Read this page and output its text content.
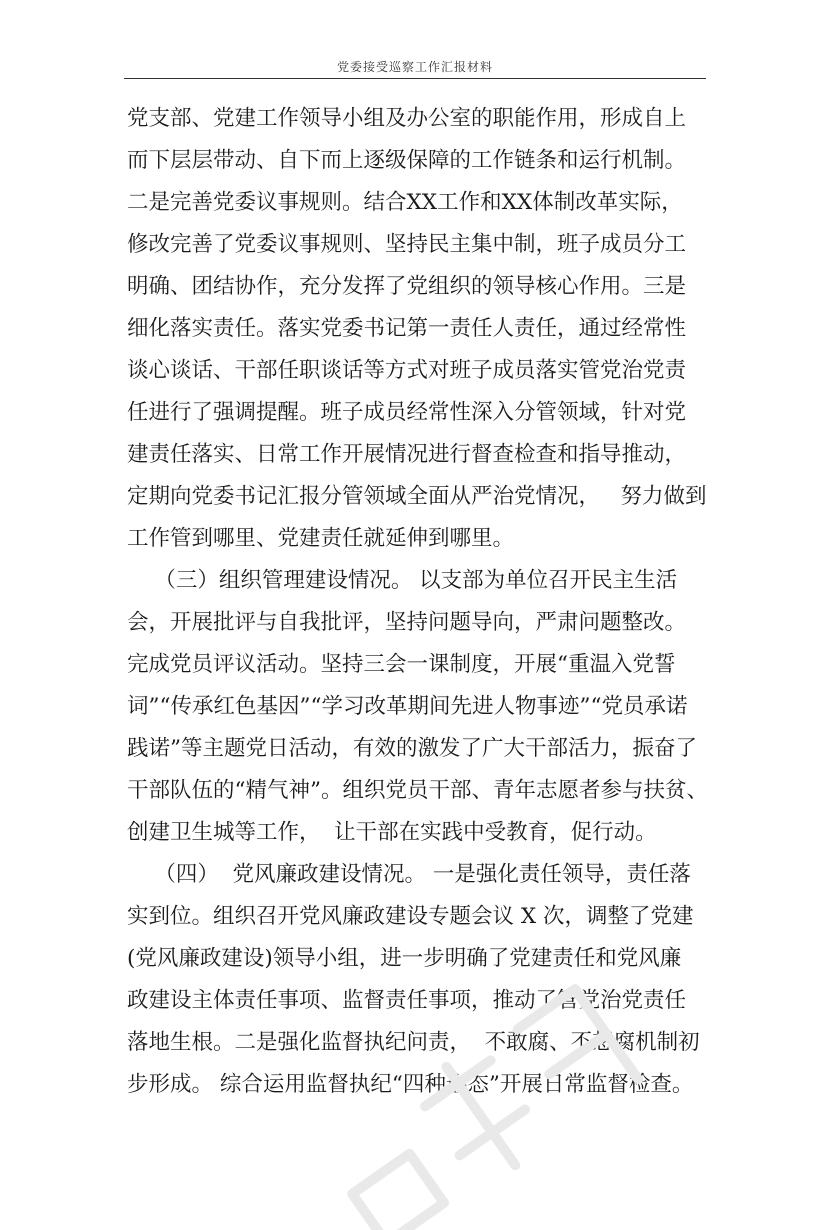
党委接受巡察工作汇报材料
党支部、党建工作领导小组及办公室的职能作用，形成自上
而下层层带动、自下而上逐级保障的工作链条和运行机制。
二是完善党委议事规则。结合XX工作和XX体制改革实际，
修改完善了党委议事规则、坚持民主集中制，班子成员分工
明确、团结协作，充分发挥了党组织的领导核心作用。三是
细化落实责任。落实党委书记第一责任人责任，通过经常性
谈心谈话、干部任职谈话等方式对班子成员落实管党治党责
任进行了强调提醒。班子成员经常性深入分管领域，针对党
建责任落实、日常工作开展情况进行督查检查和指导推动，
定期向党委书记汇报分管领域全面从严治党情况，   努力做到
工作管到哪里、党建责任就延伸到哪里。
（三）组织管理建设情况。 以支部为单位召开民主生活
会，开展批评与自我批评，坚持问题导向，严肃问题整改。
完成党员评议活动。坚持三会一课制度，开展“重温入党誓
词”“传承红色基因”“学习改革期间先进人物事迹”“党员承诺
践诺”等主题党日活动，有效的激发了广大干部活力，振奋了
干部队伍的“精气神”。组织党员干部、青年志愿者参与扶贫、
创建卫生城等工作，  让干部在实践中受教育，促行动。
（四）  党风廉政建设情况。 一是强化责任领导，责任落
实到位。组织召开党风廉政建设专题会议 X 次，调整了党建
(党风廉政建设)领导小组，进一步明确了党建责任和党风廉
政建设主体责任事项、监督责任事项，推动了管党治党责任
落地生根。二是强化监督执纪问责，  不敢腐、不想腐机制初
步形成。 综合运用监督执纪“四种形态”开展日常监督检查。
